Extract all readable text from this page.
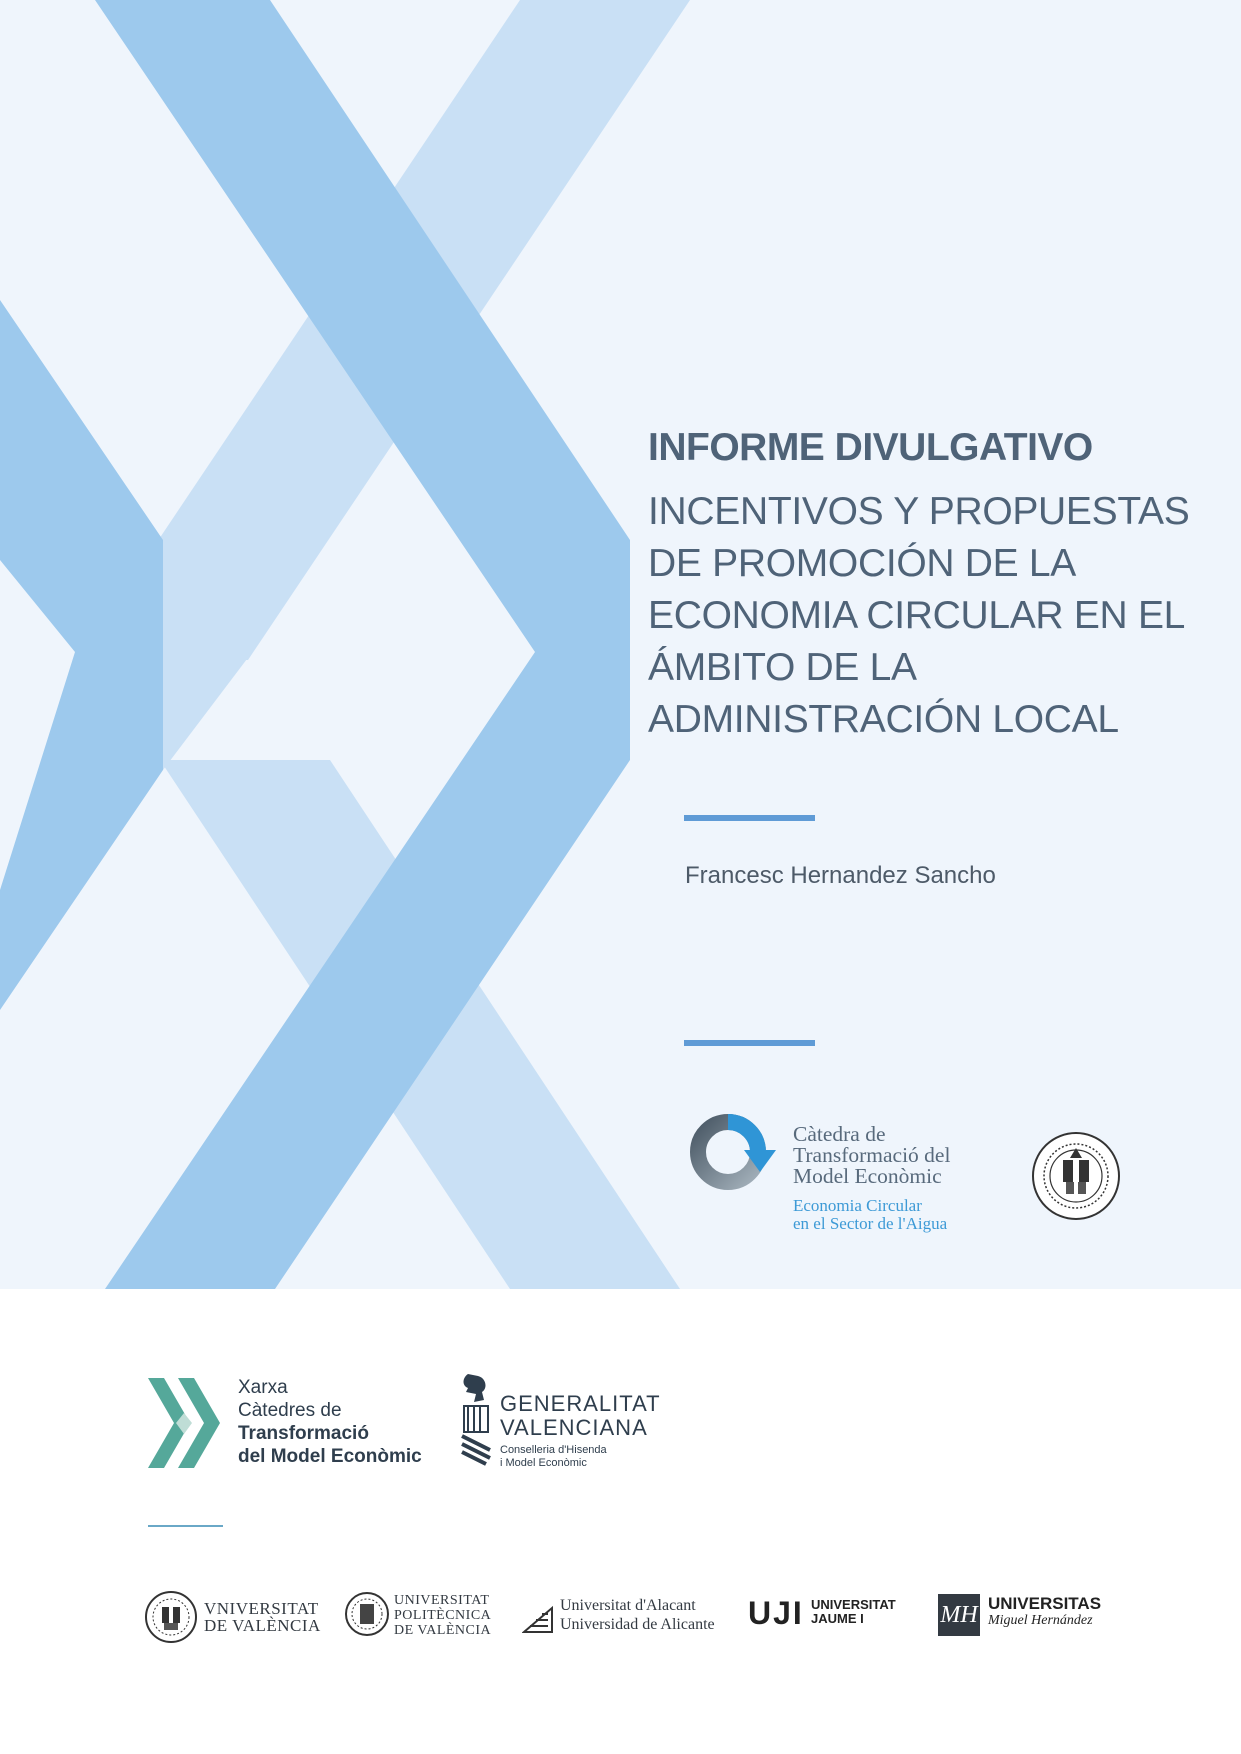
INFORME DIVULGATIVO

INCENTIVOS Y PROPUESTAS

DE PROMOCIÓN DE LA

ECONOMIA CIRCULAR EN EL

ÁMBITO DE LA

ADMINISTRACIÓN LOCAL

Francesc Hernandez Sancho
Càtedra de
Transformació del
Model Econòmic
Economia Circular
en el Sector de l'Aigua
Xarxa
Càtedres de
Transformació
del Model Econòmic
GENERALITAT
VALENCIANA
Conselleria d'Hisenda
i Model Econòmic
VNIVERSITAT
DE VALÈNCIA
UNIVERSITAT
POLITÈCNICA
DE VALÈNCIA
Universitat d'Alacant
Universidad de Alicante UJI UNIVERSITAT
JAUME I	MH UNIVERSITAS
Miguel Hernández
